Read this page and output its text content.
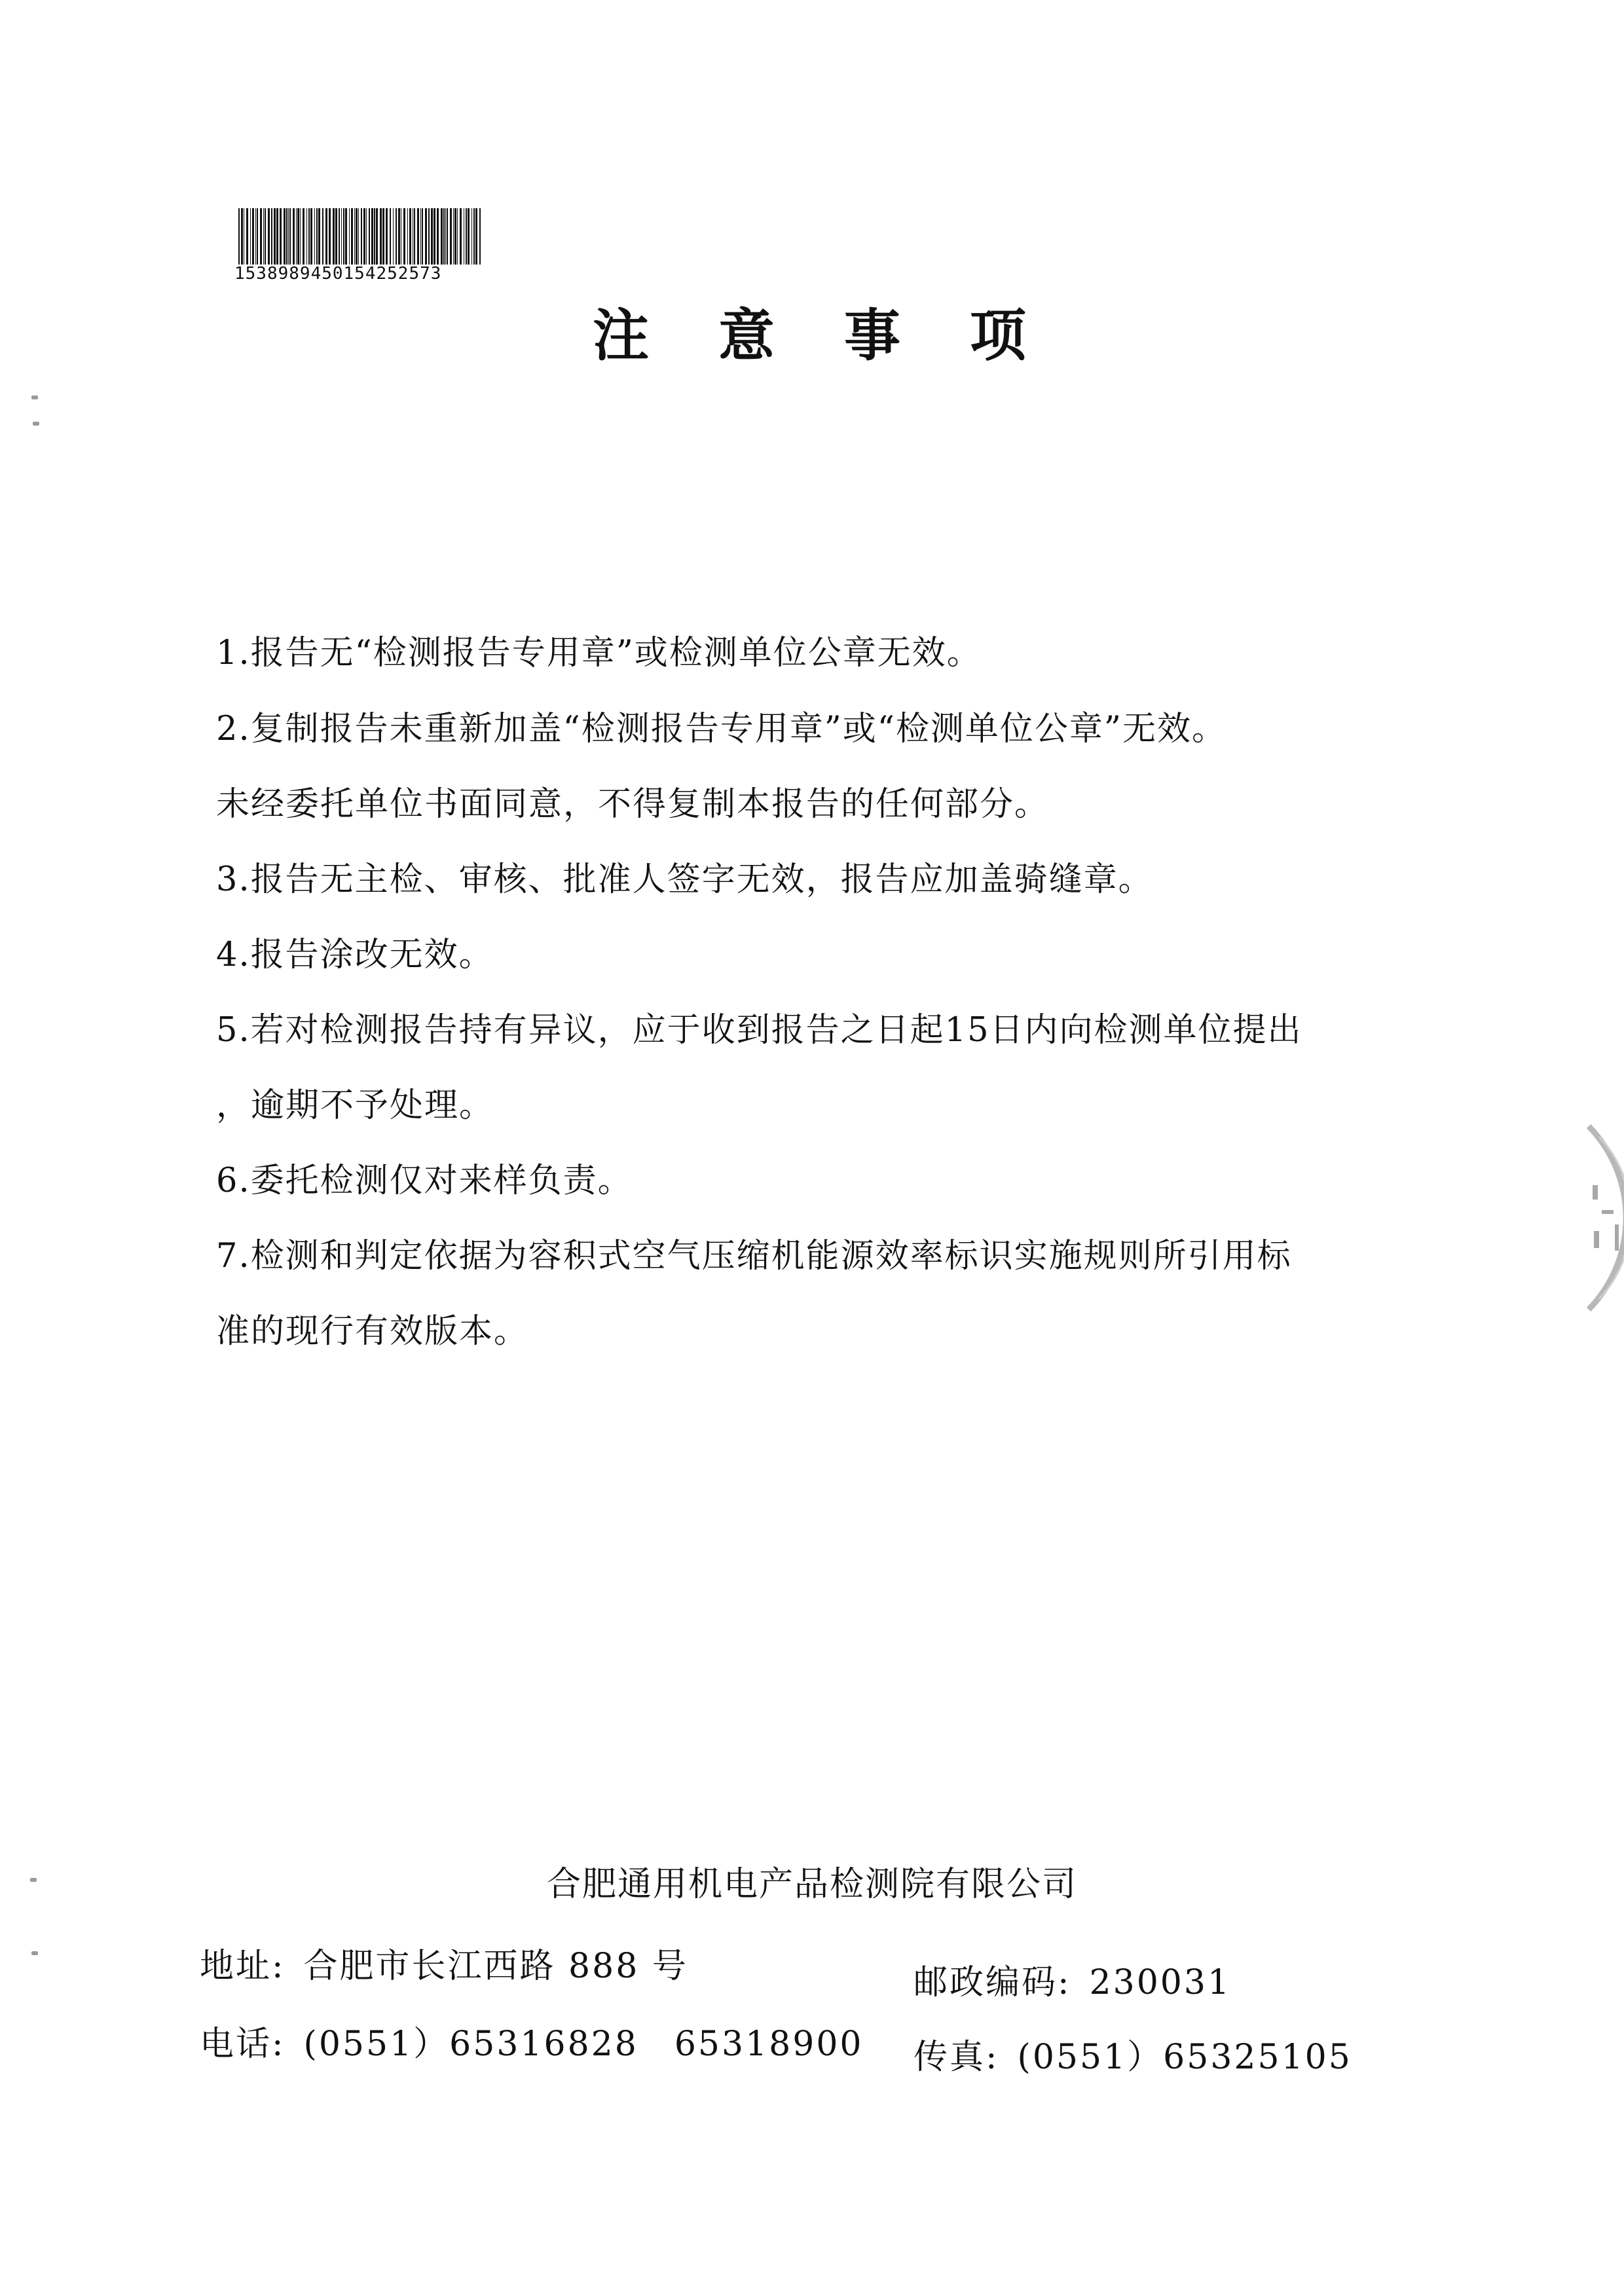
1538989450154252573
注 意 事 项
1.报告无“检测报告专用章”或检测单位公章无效。
2.复制报告未重新加盖“检测报告专用章”或“检测单位公章”无效。
未经委托单位书面同意，不得复制本报告的任何部分。
3.报告无主检、审核、批准人签字无效，报告应加盖骑缝章。
4.报告涂改无效。
5.若对检测报告持有异议，应于收到报告之日起15日内向检测单位提出
，逾期不予处理。
6.委托检测仅对来样负责。
7.检测和判定依据为容积式空气压缩机能源效率标识实施规则所引用标
准的现行有效版本。
合肥通用机电产品检测院有限公司
地址: 合肥市长江西路 888 号	邮政编码: 230031
电话: (0551）65316828　65318900 传真: (0551）65325105
